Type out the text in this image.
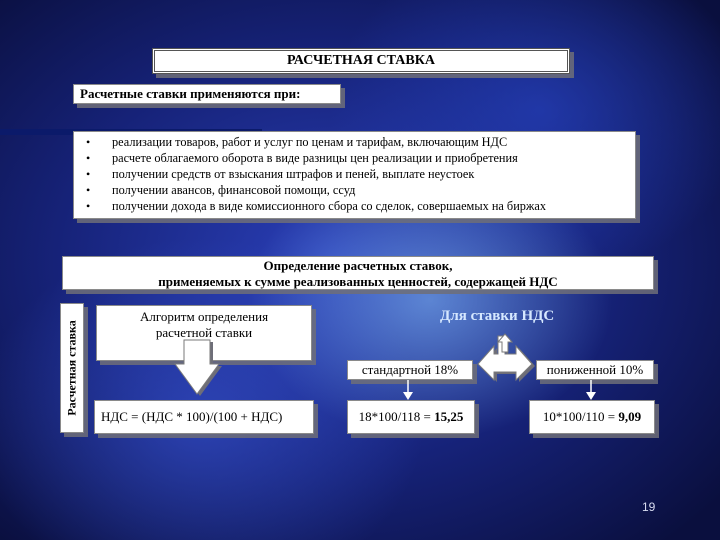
РАСЧЕТНАЯ СТАВКА
Расчетные ставки применяются при:
• реализации товаров, работ и услуг по ценам и тарифам, включающим НДС
• расчете облагаемого оборота в виде разницы цен реализации и приобретения
• получении средств от взыскания штрафов и пеней, выплате неустоек
• получении авансов, финансовой помощи, ссуд
• получении дохода в виде комиссионного сбора со сделок, совершаемых на биржах
Определение расчетных ставок,
применяемых к сумме реализованных ценностей, содержащей НДС
Расчетная ставка
Алгоритм определения
расчетной ставки
НДС = (НДС * 100)/(100 + НДС)
Для ставки НДС
стандартной 18%	пониженной 10%
18*100/118 = 15,25	10*100/110 = 9,09
19
